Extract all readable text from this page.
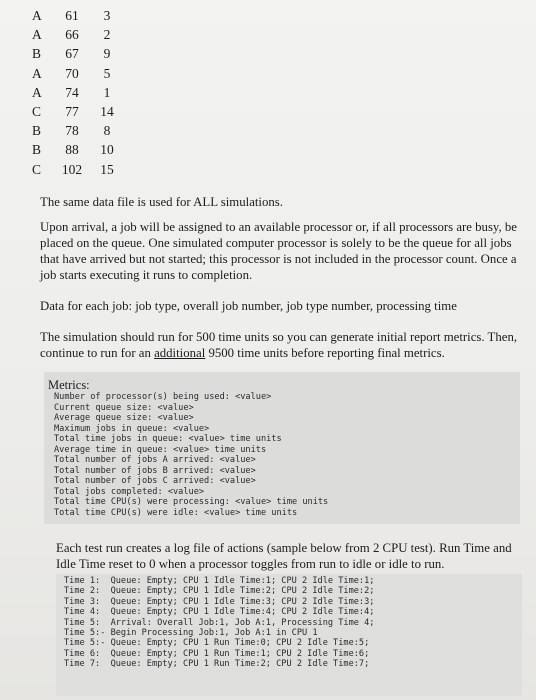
A	61	3
A	66	2
B	67	9
A	70	5
A	74	1
C	77	14
B	78	8
B	88	10
C	102	15

The same data file is used for ALL simulations.

Upon arrival, a job will be assigned to an available processor or, if all processors are busy, be placed on the queue. One simulated computer processor is solely to be the queue for all jobs that have arrived but not started; this processor is not included in the processor count. Once a job starts executing it runs to completion.

Data for each job: job type, overall job number, job type number, processing time

The simulation should run for 500 time units so you can generate initial report metrics. Then, continue to run for an additional 9500 time units before reporting final metrics.

Metrics:
Number of processor(s) being used: <value>
Current queue size: <value>
Average queue size: <value>
Maximum jobs in queue: <value>
Total time jobs in queue: <value> time units
Average time in queue: <value> time units
Total number of jobs A arrived: <value>
Total number of jobs B arrived: <value>
Total number of jobs C arrived: <value>
Total jobs completed: <value>
Total time CPU(s) were processing: <value> time units
Total time CPU(s) were idle: <value> time units

Each test run creates a log file of actions (sample below from 2 CPU test). Run Time and Idle Time reset to 0 when a processor toggles from run to idle or idle to run.

Time 1:  Queue: Empty; CPU 1 Idle Time:1; CPU 2 Idle Time:1;
Time 2:  Queue: Empty; CPU 1 Idle Time:2; CPU 2 Idle Time:2;
Time 3:  Queue: Empty; CPU 1 Idle Time:3; CPU 2 Idle Time:3;
Time 4:  Queue: Empty; CPU 1 Idle Time:4; CPU 2 Idle Time:4;
Time 5:  Arrival: Overall Job:1, Job A:1, Processing Time 4;
Time 5:- Begin Processing Job:1, Job A:1 in CPU 1
Time 5:- Queue: Empty; CPU 1 Run Time:0; CPU 2 Idle Time:5;
Time 6:  Queue: Empty; CPU 1 Run Time:1; CPU 2 Idle Time:6;
Time 7:  Queue: Empty; CPU 1 Run Time:2; CPU 2 Idle Time:7;
